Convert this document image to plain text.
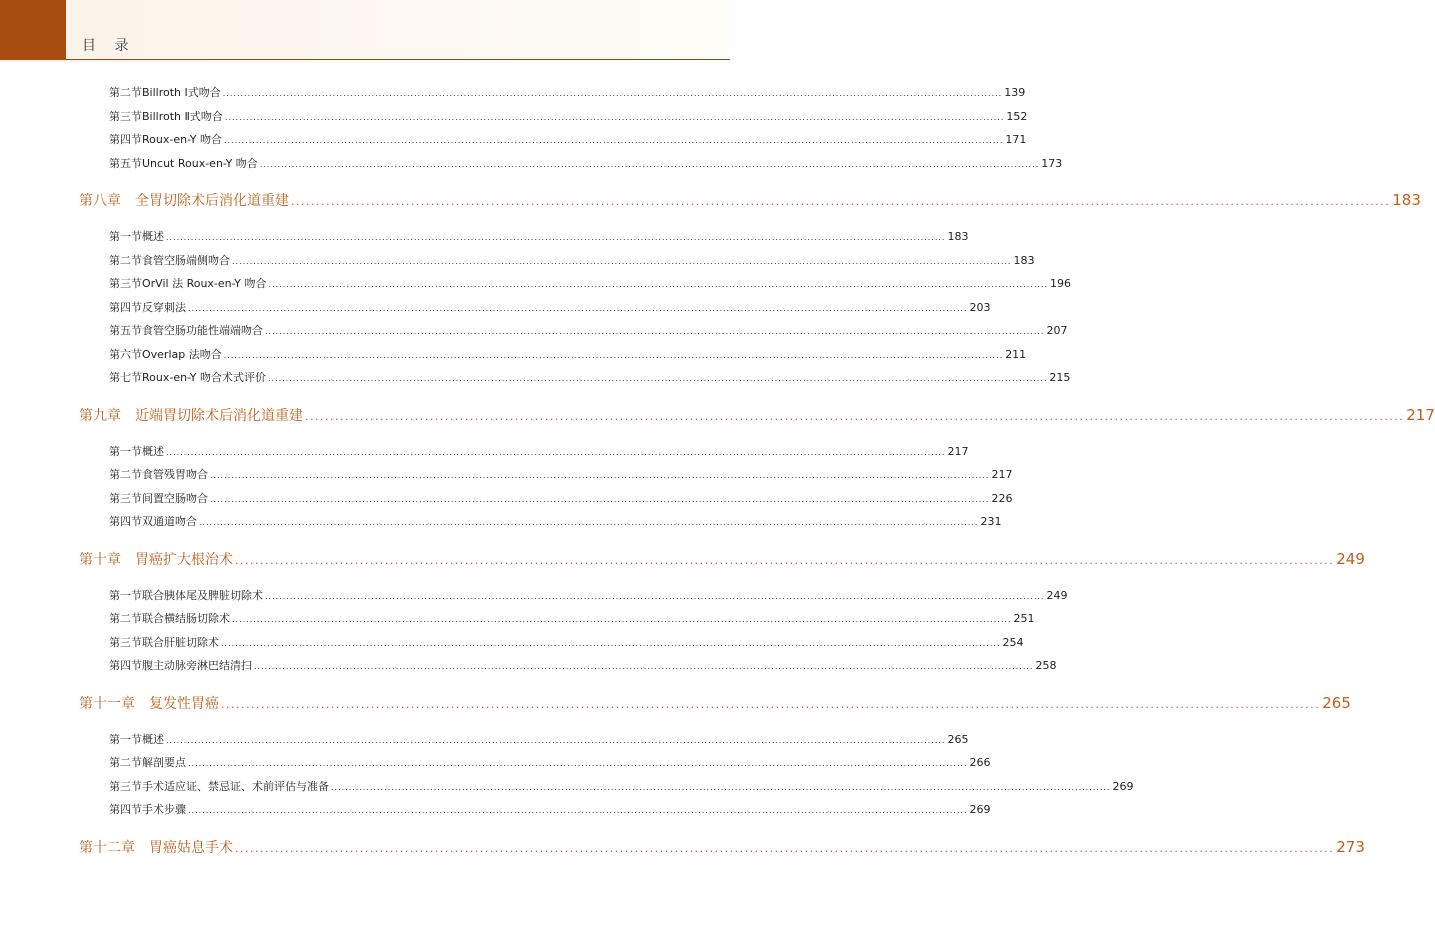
目 录
第二节 Billroth Ⅰ式吻合 ............................................................................................................................................................................................................................ 139
第三节 Billroth Ⅱ式吻合 ............................................................................................................................................................................................................................ 152
第四节 Roux-en-Y 吻合 ............................................................................................................................................................................................................................ 171
第五节 Uncut Roux-en-Y 吻合 ............................................................................................................................................................................................................................ 173
第八章 全胃切除术后消化道重建 ............................................................................................................................................................................................................................ 183
第一节 概述 ............................................................................................................................................................................................................................ 183
第二节 食管空肠端侧吻合 ............................................................................................................................................................................................................................ 183
第三节 OrVil 法 Roux-en-Y 吻合 ............................................................................................................................................................................................................................ 196
第四节 反穿刺法 ............................................................................................................................................................................................................................ 203
第五节 食管空肠功能性端端吻合 ............................................................................................................................................................................................................................ 207
第六节 Overlap 法吻合 ............................................................................................................................................................................................................................ 211
第七节 Roux-en-Y 吻合术式评价 ............................................................................................................................................................................................................................ 215
第九章 近端胃切除术后消化道重建 ............................................................................................................................................................................................................................ 217
第一节 概述 ............................................................................................................................................................................................................................ 217
第二节 食管残胃吻合 ............................................................................................................................................................................................................................ 217
第三节 间置空肠吻合 ............................................................................................................................................................................................................................ 226
第四节 双通道吻合 ............................................................................................................................................................................................................................ 231
第十章 胃癌扩大根治术 ............................................................................................................................................................................................................................ 249
第一节 联合胰体尾及脾脏切除术 ............................................................................................................................................................................................................................ 249
第二节 联合横结肠切除术 ............................................................................................................................................................................................................................ 251
第三节 联合肝脏切除术 ............................................................................................................................................................................................................................ 254
第四节 腹主动脉旁淋巴结清扫 ............................................................................................................................................................................................................................ 258
第十一章 复发性胃癌 ............................................................................................................................................................................................................................ 265
第一节 概述 ............................................................................................................................................................................................................................ 265
第二节 解剖要点 ............................................................................................................................................................................................................................ 266
第三节 手术适应证、禁忌证、术前评估与准备 ............................................................................................................................................................................................................................ 269
第四节 手术步骤 ............................................................................................................................................................................................................................ 269
第十二章 胃癌姑息手术 ............................................................................................................................................................................................................................ 273
